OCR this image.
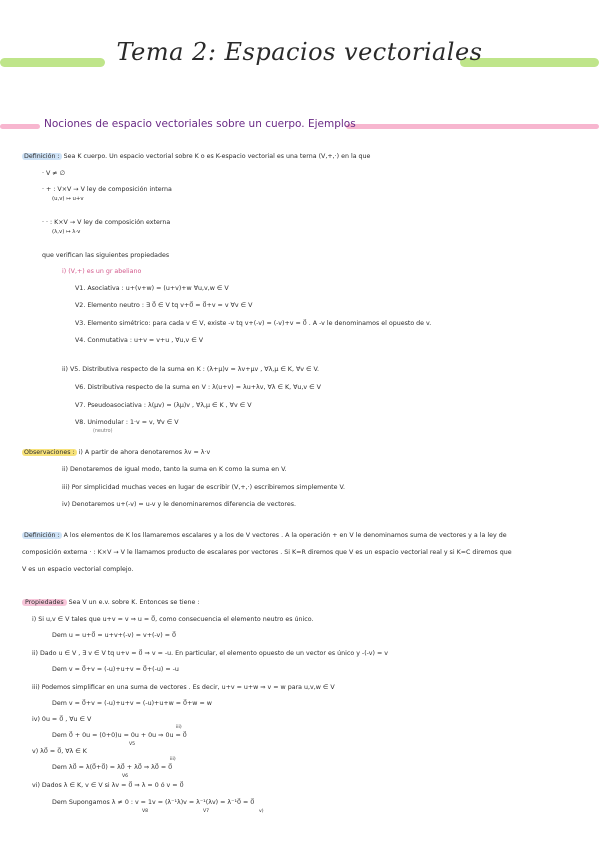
Tema 2: Espacios vectoriales
Nociones de espacio vectoriales sobre un cuerpo. Ejemplos
Definición : Sea K cuerpo. Un espacio vectorial sobre K o es K-espacio vectorial es una terna (V,+,·) en la que
· V ≠ ∅
· + : V×V → V ley de composición interna
(u,v) ↦ u+v
· · : K×V → V ley de composición externa
(λ,v) ↦ λ·v
que verifican las siguientes propiedades
i) (V,+) es un gr abeliano
V1. Asociativa : u+(v+w) = (u+v)+w ∀u,v,w ∈ V
V2. Elemento neutro : ∃ 0⃗ ∈ V tq v+0⃗ = 0⃗+v = v ∀v ∈ V
V3. Elemento simétrico: para cada v ∈ V, existe -v tq v+(-v) = (-v)+v = 0⃗ . A -v le denominamos el opuesto de v.
V4. Conmutativa : u+v = v+u , ∀u,v ∈ V
ii) V5. Distributiva respecto de la suma en K : (λ+μ)v = λv+μv , ∀λ,μ ∈ K, ∀v ∈ V.
V6. Distributiva respecto de la suma en V : λ(u+v) = λu+λv, ∀λ ∈ K, ∀u,v ∈ V
V7. Pseudoasociativa : λ(μv) = (λμ)v , ∀λ,μ ∈ K , ∀v ∈ V
V8. Unimodular : 1·v = v, ∀v ∈ V
(neutro)
Observaciones : i) A partir de ahora denotaremos λv = λ·v
ii) Denotaremos de igual modo, tanto la suma en K como la suma en V.
iii) Por simplicidad muchas veces en lugar de escribir (V,+,·) escribiremos simplemente V.
iv) Denotaremos u+(-v) = u-v y le denominaremos diferencia de vectores.
Definición : A los elementos de K los llamaremos escalares y a los de V vectores . A la operación + en V le denominamos suma de vectores y a la ley de
composición externa · : K×V → V le llamamos producto de escalares por vectores . Si K=R diremos que V es un espacio vectorial real y si K=C diremos que
V es un espacio vectorial complejo.
Propiedades Sea V un e.v. sobre K. Entonces se tiene :
i) Si u,v ∈ V tales que u+v = v ⇒ u = 0⃗, como consecuencia el elemento neutro es único.
Dem u = u+0⃗ = u+v+(-v) = v+(-v) = 0⃗
ii) Dado u ∈ V , ∃ v ∈ V tq u+v = 0⃗ ⇒ v = -u. En particular, el elemento opuesto de un vector es único y -(-v) = v
Dem v = 0⃗+v = (-u)+u+v = 0⃗+(-u) = -u
iii) Podemos simplificar en una suma de vectores . Es decir, u+v = u+w ⇒ v = w para u,v,w ∈ V
Dem v = 0⃗+v = (-u)+u+v = (-u)+u+w = 0⃗+w = w
iv) 0u = 0⃗ , ∀u ∈ V
Dem 0⃗ + 0u = (0+0)u = 0u + 0u ⇒ 0u = 0⃗
V5
iii)
v) λ0⃗ = 0⃗, ∀λ ∈ K
Dem λ0⃗ = λ(0⃗+0⃗) = λ0⃗ + λ0⃗ ⇒ λ0⃗ = 0⃗
V6
iii)
vi) Dados λ ∈ K, v ∈ V si λv = 0⃗ ⇒ λ = 0 ó v = 0⃗
Dem Supongamos λ ≠ 0 : v = 1v = (λ⁻¹λ)v = λ⁻¹(λv) = λ⁻¹0⃗ = 0⃗
V8	V7	v)
